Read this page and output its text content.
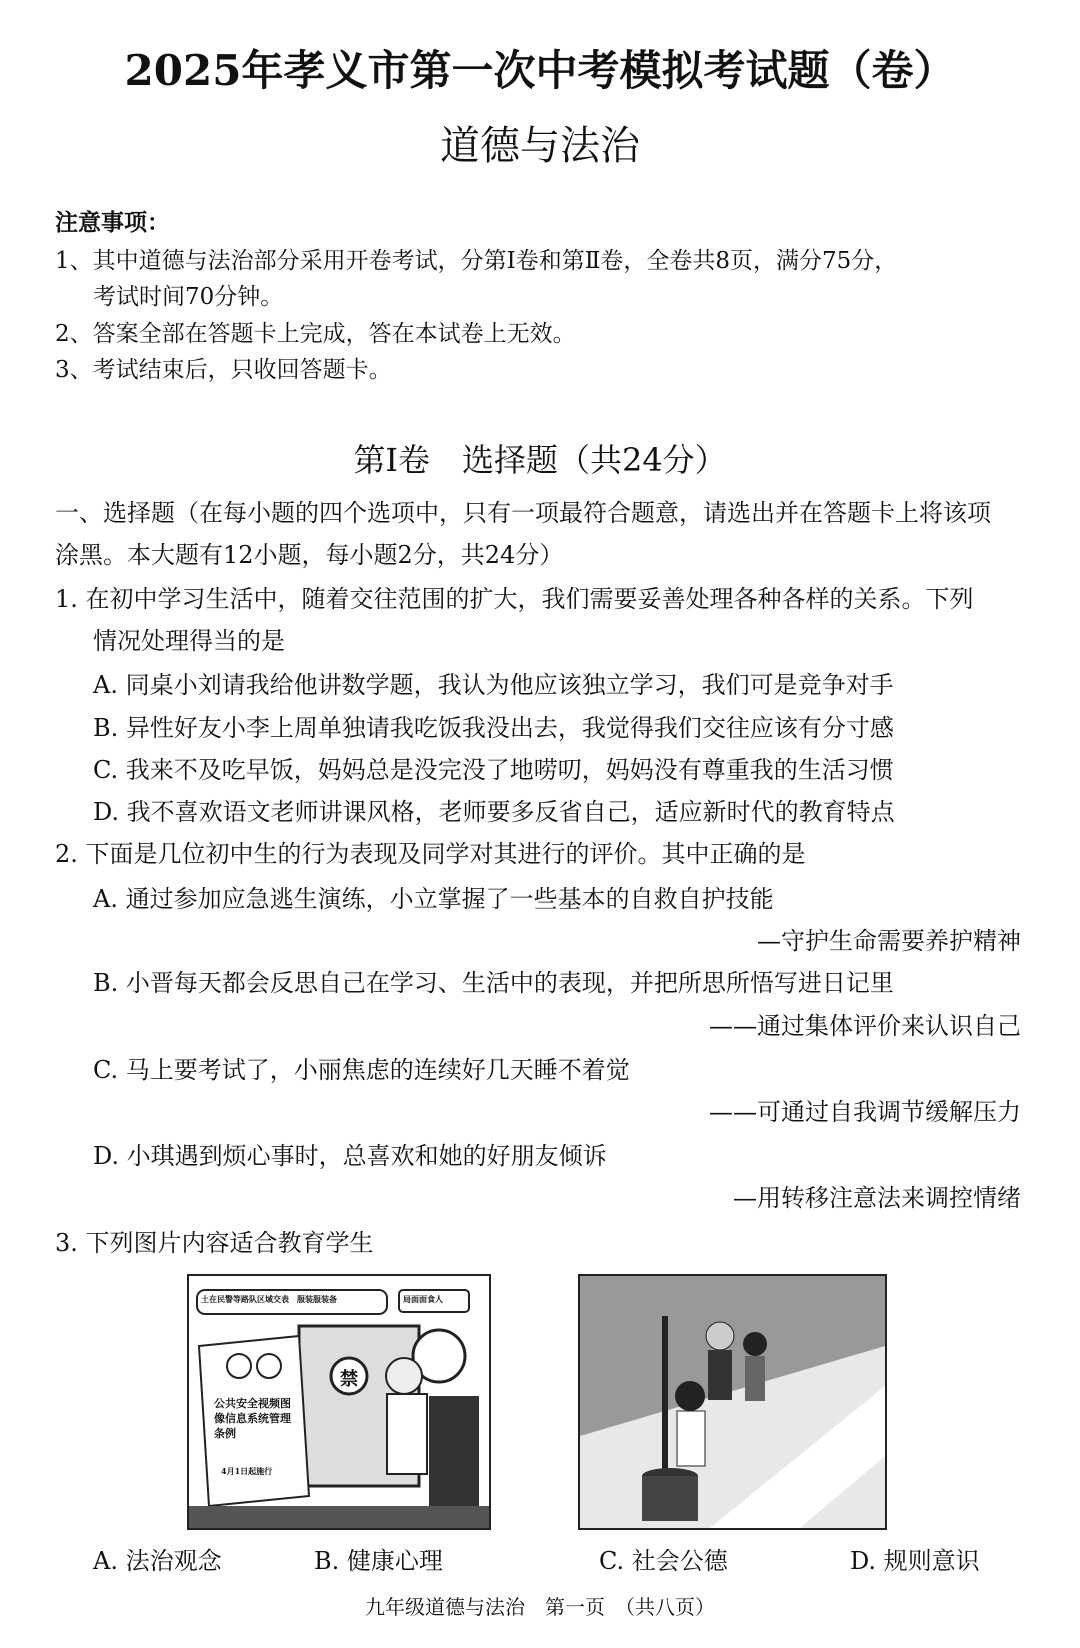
2025年孝义市第一次中考模拟考试题（卷）
道德与法治
注意事项：
1、其中道德与法治部分采用开卷考试，分第Ⅰ卷和第Ⅱ卷，全卷共8页，满分75分，
考试时间70分钟。
2、答案全部在答题卡上完成，答在本试卷上无效。
3、考试结束后，只收回答题卡。
第Ⅰ卷　选择题（共24分）
一、选择题（在每小题的四个选项中，只有一项最符合题意，请选出并在答题卡上将该项
涂黑。本大题有12小题，每小题2分，共24分）
1. 在初中学习生活中，随着交往范围的扩大，我们需要妥善处理各种各样的关系。下列
情况处理得当的是
A. 同桌小刘请我给他讲数学题，我认为他应该独立学习，我们可是竞争对手
B. 异性好友小李上周单独请我吃饭我没出去，我觉得我们交往应该有分寸感
C. 我来不及吃早饭，妈妈总是没完没了地唠叨，妈妈没有尊重我的生活习惯
D. 我不喜欢语文老师讲课风格，老师要多反省自己，适应新时代的教育特点
2. 下面是几位初中生的行为表现及同学对其进行的评价。其中正确的是
A. 通过参加应急逃生演练，小立掌握了一些基本的自救自护技能
—守护生命需要养护精神
B. 小晋每天都会反思自己在学习、生活中的表现，并把所思所悟写进日记里
——通过集体评价来认识自己
C. 马上要考试了，小丽焦虑的连续好几天睡不着觉
——可通过自我调节缓解压力
D. 小琪遇到烦心事时，总喜欢和她的好朋友倾诉
—用转移注意法来调控情绪
3. 下列图片内容适合教育学生
土在民警等路队区域交表　服装服装备	局面面食人
公共安全视频图像信息系统管理条例
4月1日起施行
禁
A. 法治观念	B. 健康心理	C. 社会公德	D. 规则意识
九年级道德与法治　第一页　（共八页）
